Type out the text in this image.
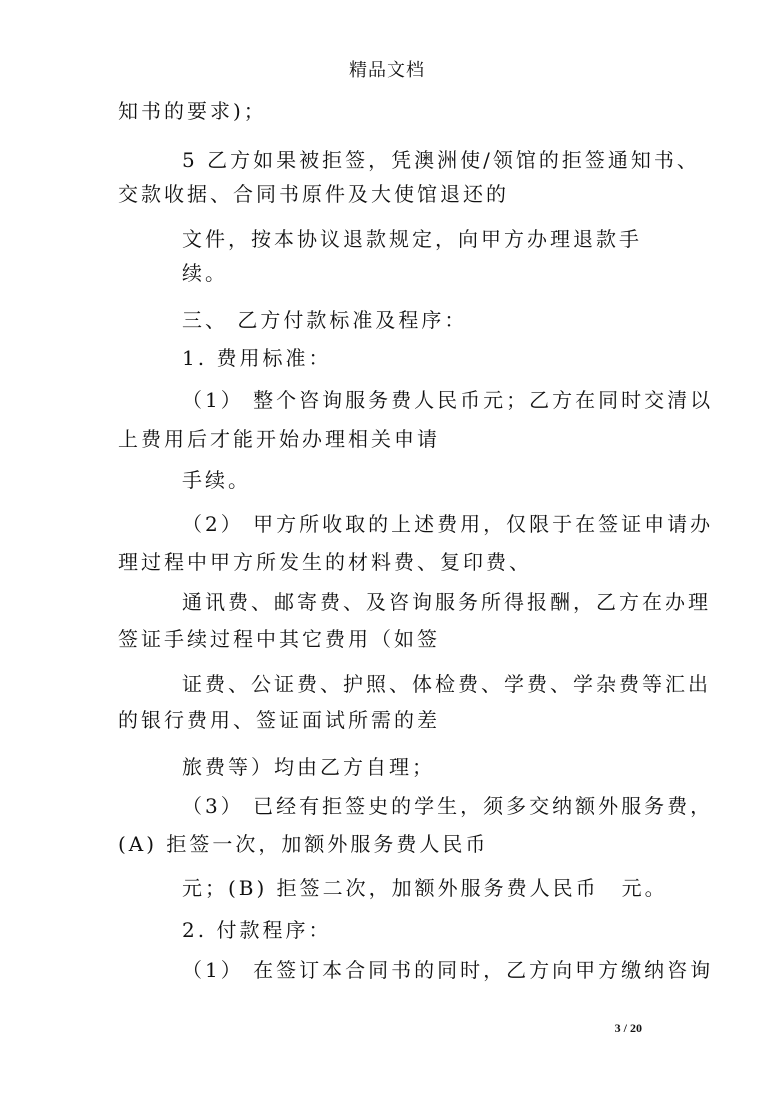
精品文档
知书的要求)；
5 乙方如果被拒签，凭澳洲使/领馆的拒签通知书、
交款收据、合同书原件及大使馆退还的
文件，按本协议退款规定，向甲方办理退款手
续。
三、 乙方付款标准及程序：
1. 费用标准：
（1） 整个咨询服务费人民币元；乙方在同时交清以
上费用后才能开始办理相关申请
手续。
（2） 甲方所收取的上述费用，仅限于在签证申请办
理过程中甲方所发生的材料费、复印费、
通讯费、邮寄费、及咨询服务所得报酬，乙方在办理
签证手续过程中其它费用（如签
证费、公证费、护照、体检费、学费、学杂费等汇出
的银行费用、签证面试所需的差
旅费等）均由乙方自理；
（3） 已经有拒签史的学生，须多交纳额外服务费，
(A) 拒签一次，加额外服务费人民币
元；(B) 拒签二次，加额外服务费人民币　元。
2. 付款程序：
（1） 在签订本合同书的同时，乙方向甲方缴纳咨询
3 / 20
